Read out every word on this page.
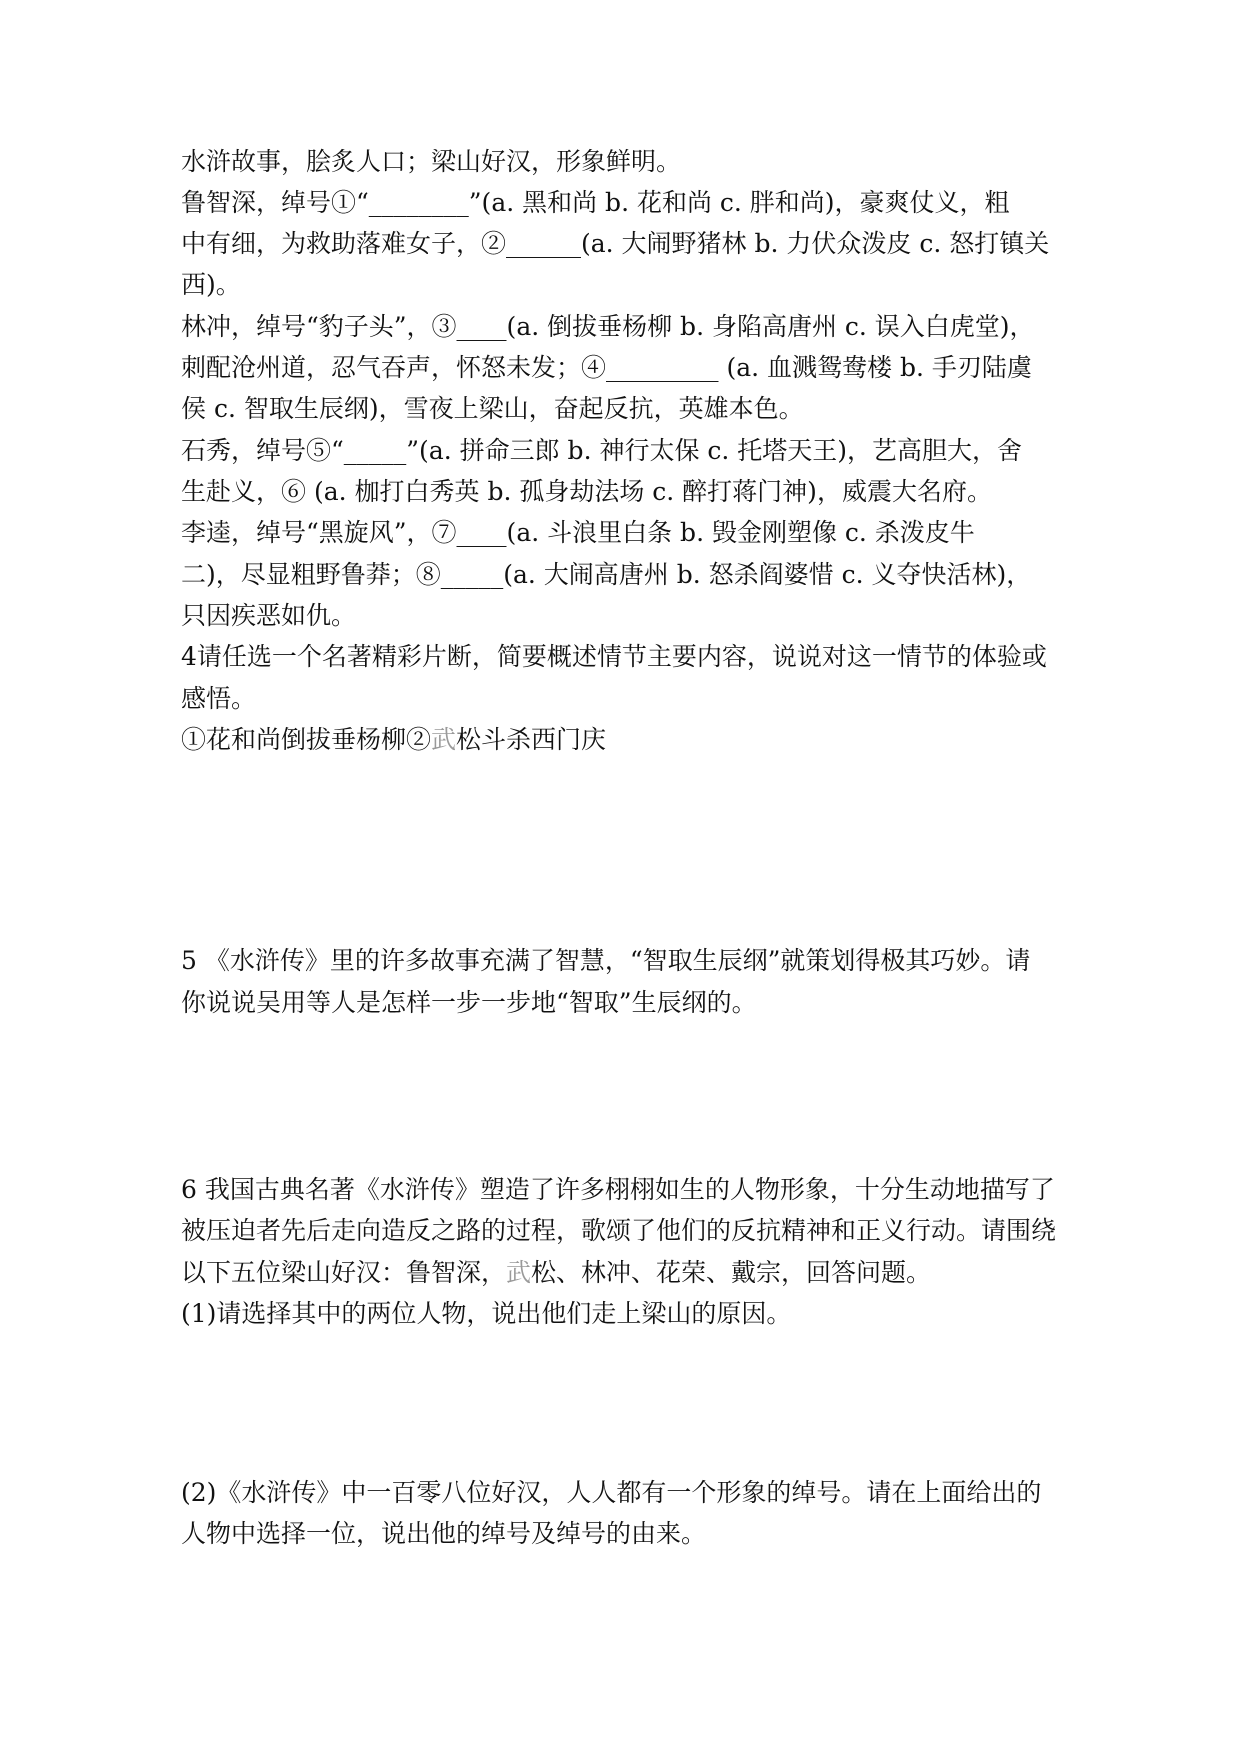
水浒故事，脍炙人口；梁山好汉，形象鲜明。
鲁智深，绰号①“________”(a. 黑和尚 b. 花和尚 c. 胖和尚)，豪爽仗义，粗
中有细，为救助落难女子，②______(a. 大闹野猪林 b. 力伏众泼皮 c. 怒打镇关
西)。
林冲，绰号“豹子头”，③____(a. 倒拔垂杨柳 b. 身陷高唐州 c. 误入白虎堂)，
刺配沧州道，忍气吞声，怀怒未发；④_________ (a. 血溅鸳鸯楼 b. 手刃陆虞
侯 c. 智取生辰纲)，雪夜上梁山，奋起反抗，英雄本色。
石秀，绰号⑤“_____”(a. 拼命三郎 b. 神行太保 c. 托塔天王)，艺高胆大，舍
生赴义，⑥ (a. 枷打白秀英 b. 孤身劫法场 c. 醉打蒋门神)，威震大名府。
李逵，绰号“黑旋风”，⑦____(a. 斗浪里白条 b. 毁金刚塑像 c. 杀泼皮牛
二)，尽显粗野鲁莽；⑧_____(a. 大闹高唐州 b. 怒杀阎婆惜 c. 义夺快活林)，
只因疾恶如仇。
4请任选一个名著精彩片断，简要概述情节主要内容，说说对这一情节的体验或
感悟。
①花和尚倒拔垂杨柳②武松斗杀西门庆
5 《水浒传》里的许多故事充满了智慧，“智取生辰纲”就策划得极其巧妙。请
你说说吴用等人是怎样一步一步地“智取”生辰纲的。
6 我国古典名著《水浒传》塑造了许多栩栩如生的人物形象，十分生动地描写了
被压迫者先后走向造反之路的过程，歌颂了他们的反抗精神和正义行动。请围绕
以下五位梁山好汉：鲁智深，武松、林冲、花荣、戴宗，回答问题。
(1)请选择其中的两位人物，说出他们走上梁山的原因。
(2)《水浒传》中一百零八位好汉，人人都有一个形象的绰号。请在上面给出的
人物中选择一位，说出他的绰号及绰号的由来。
